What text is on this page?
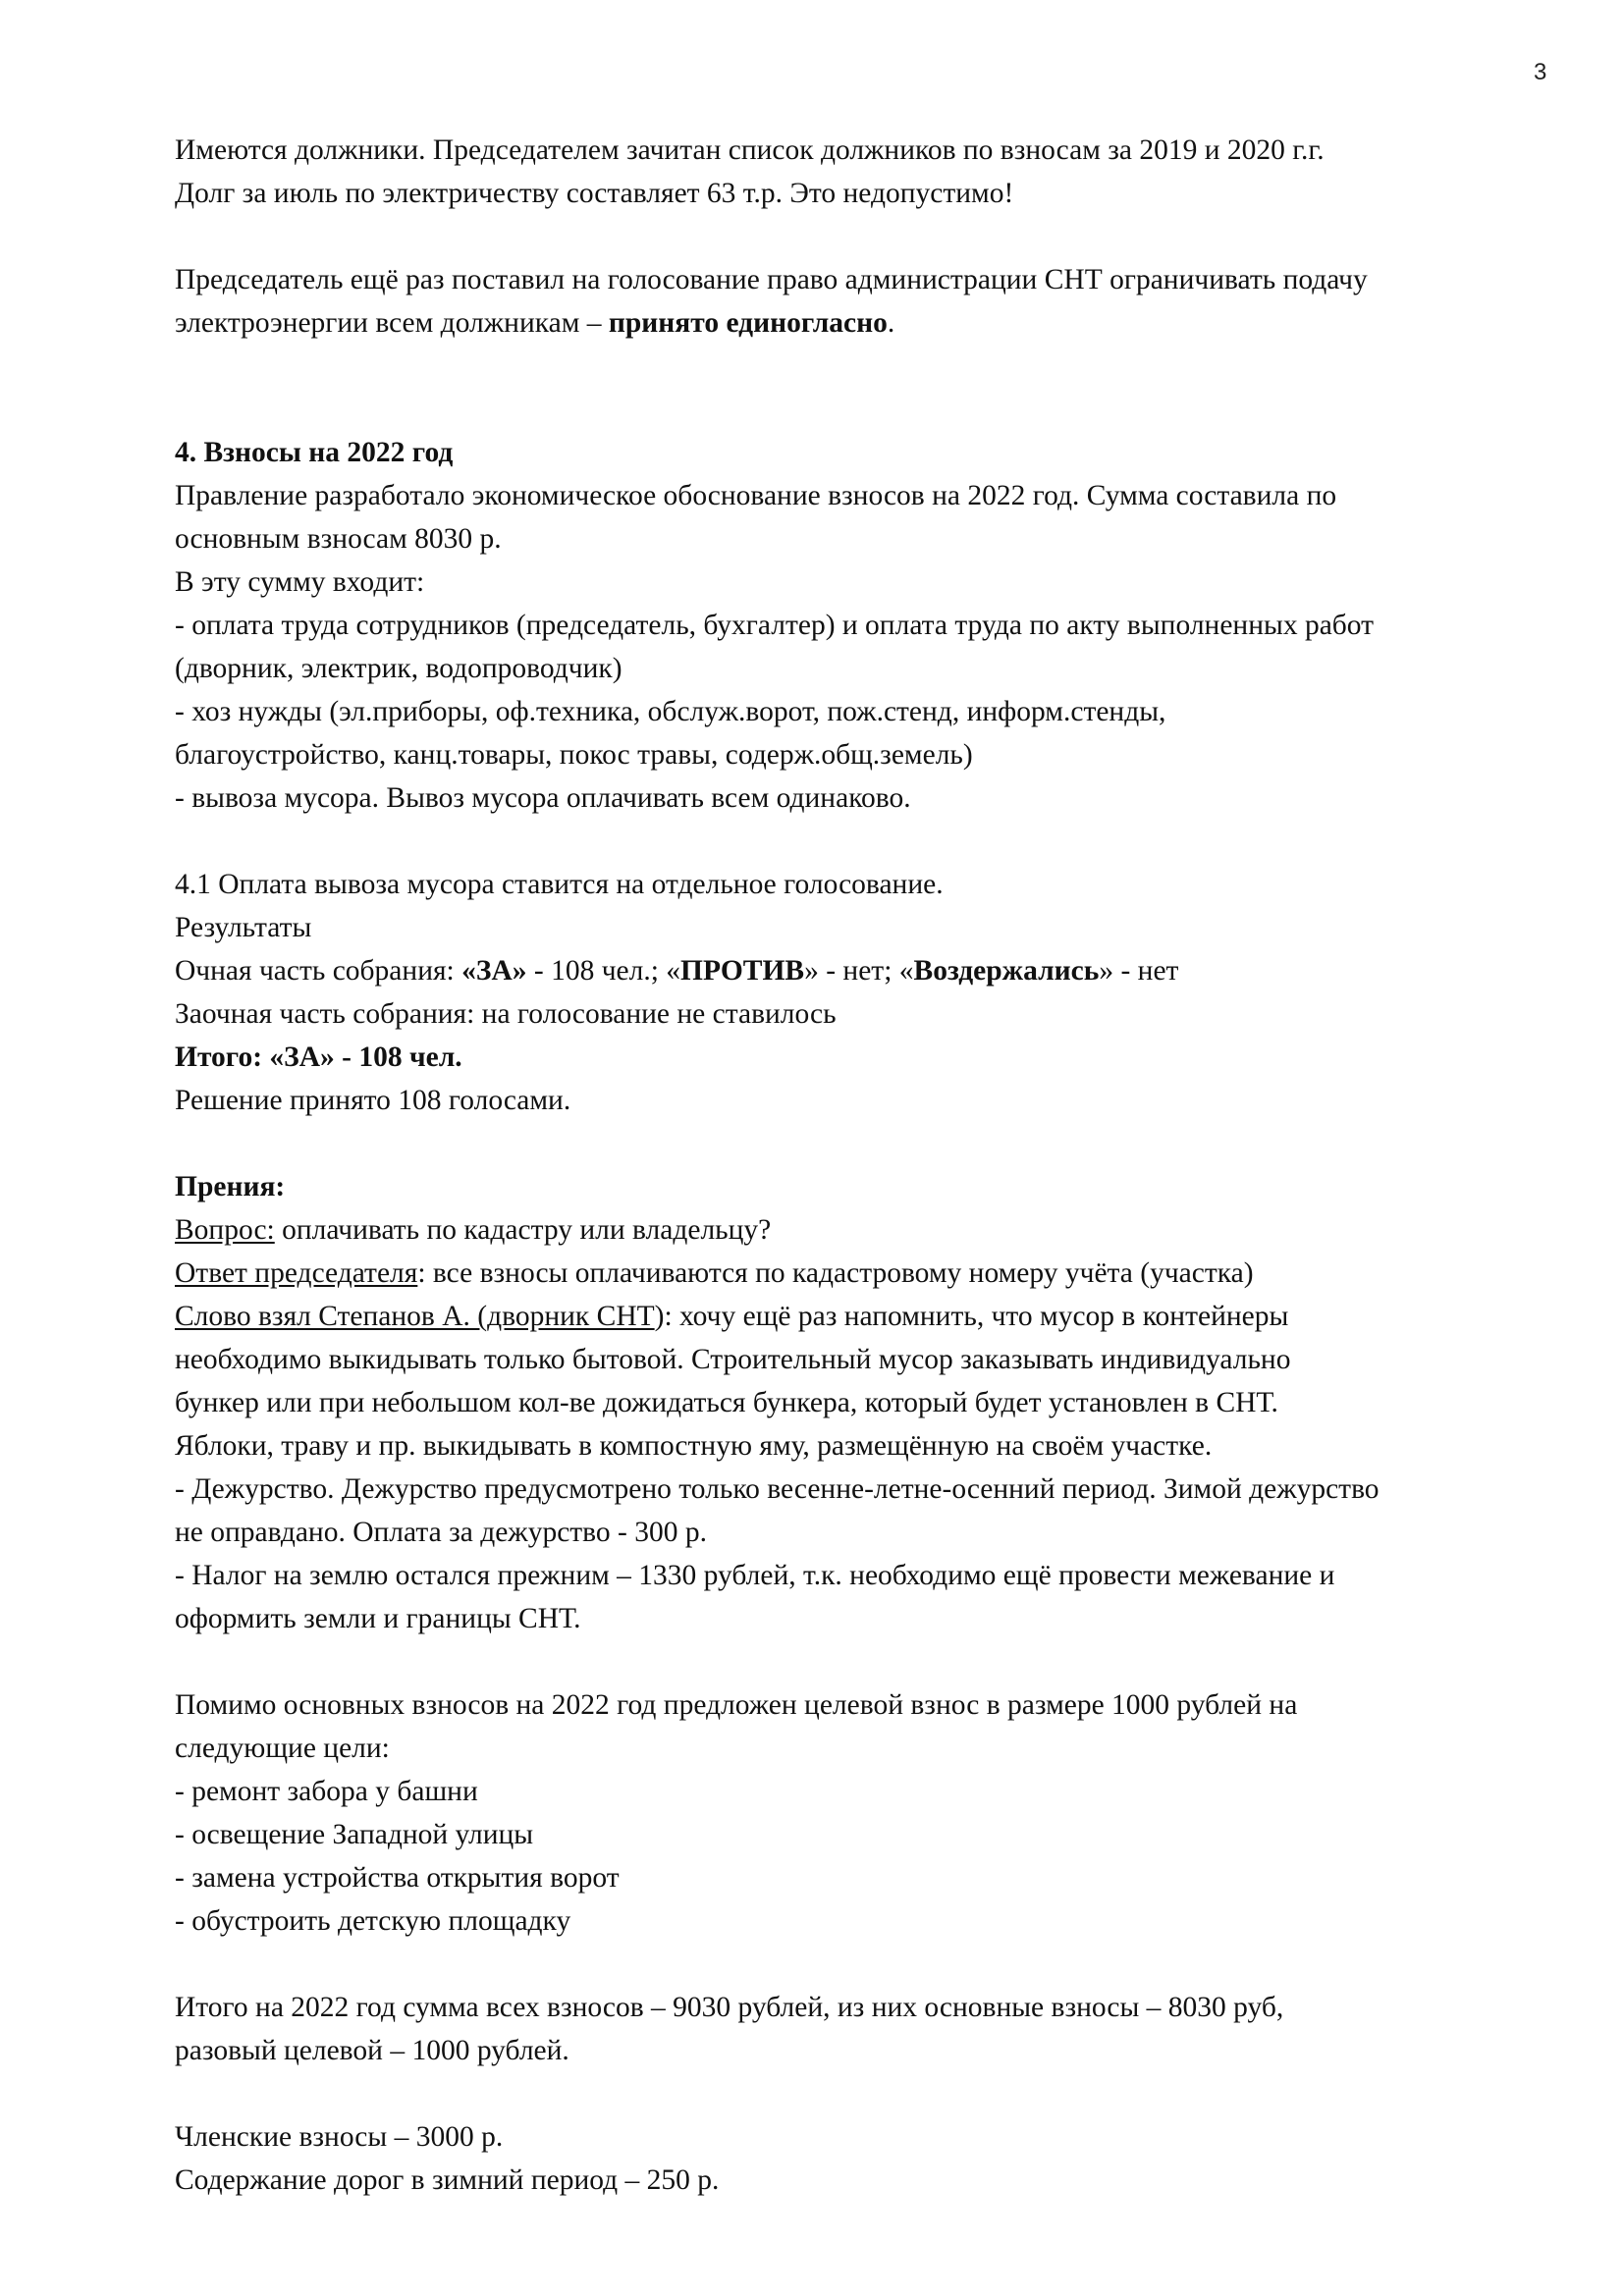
3
Имеются должники. Председателем зачитан список должников по взносам за 2019 и 2020 г.г.
Долг за июль по электричеству составляет 63 т.р. Это недопустимо!
Председатель ещё раз поставил на голосование право администрации СНТ ограничивать подачу
электроэнергии всем должникам – принято единогласно.
4. Взносы на 2022 год
Правление разработало экономическое обоснование взносов на 2022 год. Сумма составила по
основным взносам 8030 р.
В эту сумму входит:
- оплата труда сотрудников (председатель, бухгалтер) и оплата труда по акту выполненных работ
(дворник, электрик, водопроводчик)
- хоз нужды (эл.приборы, оф.техника, обслуж.ворот, пож.стенд, информ.стенды,
благоустройство, канц.товары, покос травы, содерж.общ.земель)
- вывоза мусора. Вывоз мусора оплачивать всем одинаково.
4.1 Оплата вывоза мусора ставится на отдельное голосование.
Результаты
Очная часть собрания: «ЗА» - 108 чел.; «ПРОТИВ» - нет; «Воздержались» - нет
Заочная часть собрания: на голосование не ставилось
Итого: «ЗА» - 108 чел.
Решение принято 108 голосами.
Прения:
Вопрос: оплачивать по кадастру или владельцу?
Ответ председателя: все взносы оплачиваются по кадастровому номеру учёта (участка)
Слово взял Степанов А. (дворник СНТ): хочу ещё раз напомнить, что мусор в контейнеры
необходимо выкидывать только бытовой. Строительный мусор заказывать индивидуально
бункер или при небольшом кол-ве дожидаться бункера, который будет установлен в СНТ.
Яблоки, траву и пр. выкидывать в компостную яму, размещённую на своём участке.
- Дежурство. Дежурство предусмотрено только весенне-летне-осенний период. Зимой дежурство
не оправдано. Оплата за дежурство - 300 р.
- Налог на землю остался прежним – 1330 рублей, т.к. необходимо ещё провести межевание и
оформить земли и границы СНТ.
Помимо основных взносов на 2022 год предложен целевой взнос в размере 1000 рублей на
следующие цели:
- ремонт забора у башни
- освещение Западной улицы
- замена устройства открытия ворот
- обустроить детскую площадку
Итого на 2022 год сумма всех взносов – 9030 рублей, из них основные взносы – 8030 руб,
разовый целевой – 1000 рублей.
Членские взносы – 3000 р.
Содержание дорог в зимний период – 250 р.
